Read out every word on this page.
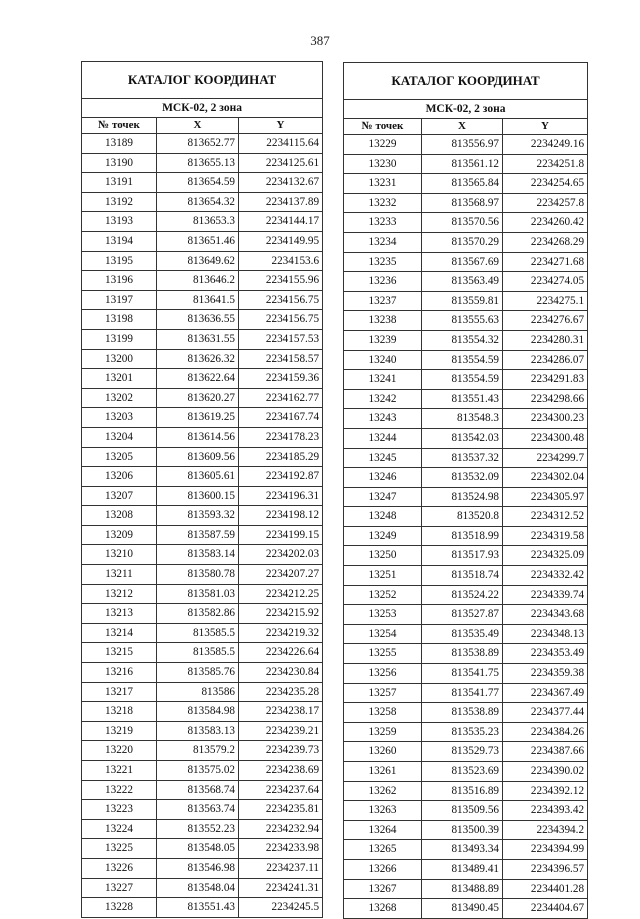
387
КАТАЛОГ КООРДИНАТ		
МСК-02, 2 зона		
№ точек	X	Y
13189	813652.77	2234115.64
13190	813655.13	2234125.61
13191	813654.59	2234132.67
13192	813654.32	2234137.89
13193	813653.3	2234144.17
13194	813651.46	2234149.95
13195	813649.62	2234153.6
13196	813646.2	2234155.96
13197	813641.5	2234156.75
13198	813636.55	2234156.75
13199	813631.55	2234157.53
13200	813626.32	2234158.57
13201	813622.64	2234159.36
13202	813620.27	2234162.77
13203	813619.25	2234167.74
13204	813614.56	2234178.23
13205	813609.56	2234185.29
13206	813605.61	2234192.87
13207	813600.15	2234196.31
13208	813593.32	2234198.12
13209	813587.59	2234199.15
13210	813583.14	2234202.03
13211	813580.78	2234207.27
13212	813581.03	2234212.25
13213	813582.86	2234215.92
13214	813585.5	2234219.32
13215	813585.5	2234226.64
13216	813585.76	2234230.84
13217	813586	2234235.28
13218	813584.98	2234238.17
13219	813583.13	2234239.21
13220	813579.2	2234239.73
13221	813575.02	2234238.69
13222	813568.74	2234237.64
13223	813563.74	2234235.81
13224	813552.23	2234232.94
13225	813548.05	2234233.98
13226	813546.98	2234237.11
13227	813548.04	2234241.31
13228	813551.43	2234245.5
КАТАЛОГ КООРДИНАТ		
МСК-02, 2 зона		
№ точек	X	Y
13229	813556.97	2234249.16
13230	813561.12	2234251.8
13231	813565.84	2234254.65
13232	813568.97	2234257.8
13233	813570.56	2234260.42
13234	813570.29	2234268.29
13235	813567.69	2234271.68
13236	813563.49	2234274.05
13237	813559.81	2234275.1
13238	813555.63	2234276.67
13239	813554.32	2234280.31
13240	813554.59	2234286.07
13241	813554.59	2234291.83
13242	813551.43	2234298.66
13243	813548.3	2234300.23
13244	813542.03	2234300.48
13245	813537.32	2234299.7
13246	813532.09	2234302.04
13247	813524.98	2234305.97
13248	813520.8	2234312.52
13249	813518.99	2234319.58
13250	813517.93	2234325.09
13251	813518.74	2234332.42
13252	813524.22	2234339.74
13253	813527.87	2234343.68
13254	813535.49	2234348.13
13255	813538.89	2234353.49
13256	813541.75	2234359.38
13257	813541.77	2234367.49
13258	813538.89	2234377.44
13259	813535.23	2234384.26
13260	813529.73	2234387.66
13261	813523.69	2234390.02
13262	813516.89	2234392.12
13263	813509.56	2234393.42
13264	813500.39	2234394.2
13265	813493.34	2234394.99
13266	813489.41	2234396.57
13267	813488.89	2234401.28
13268	813490.45	2234404.67
